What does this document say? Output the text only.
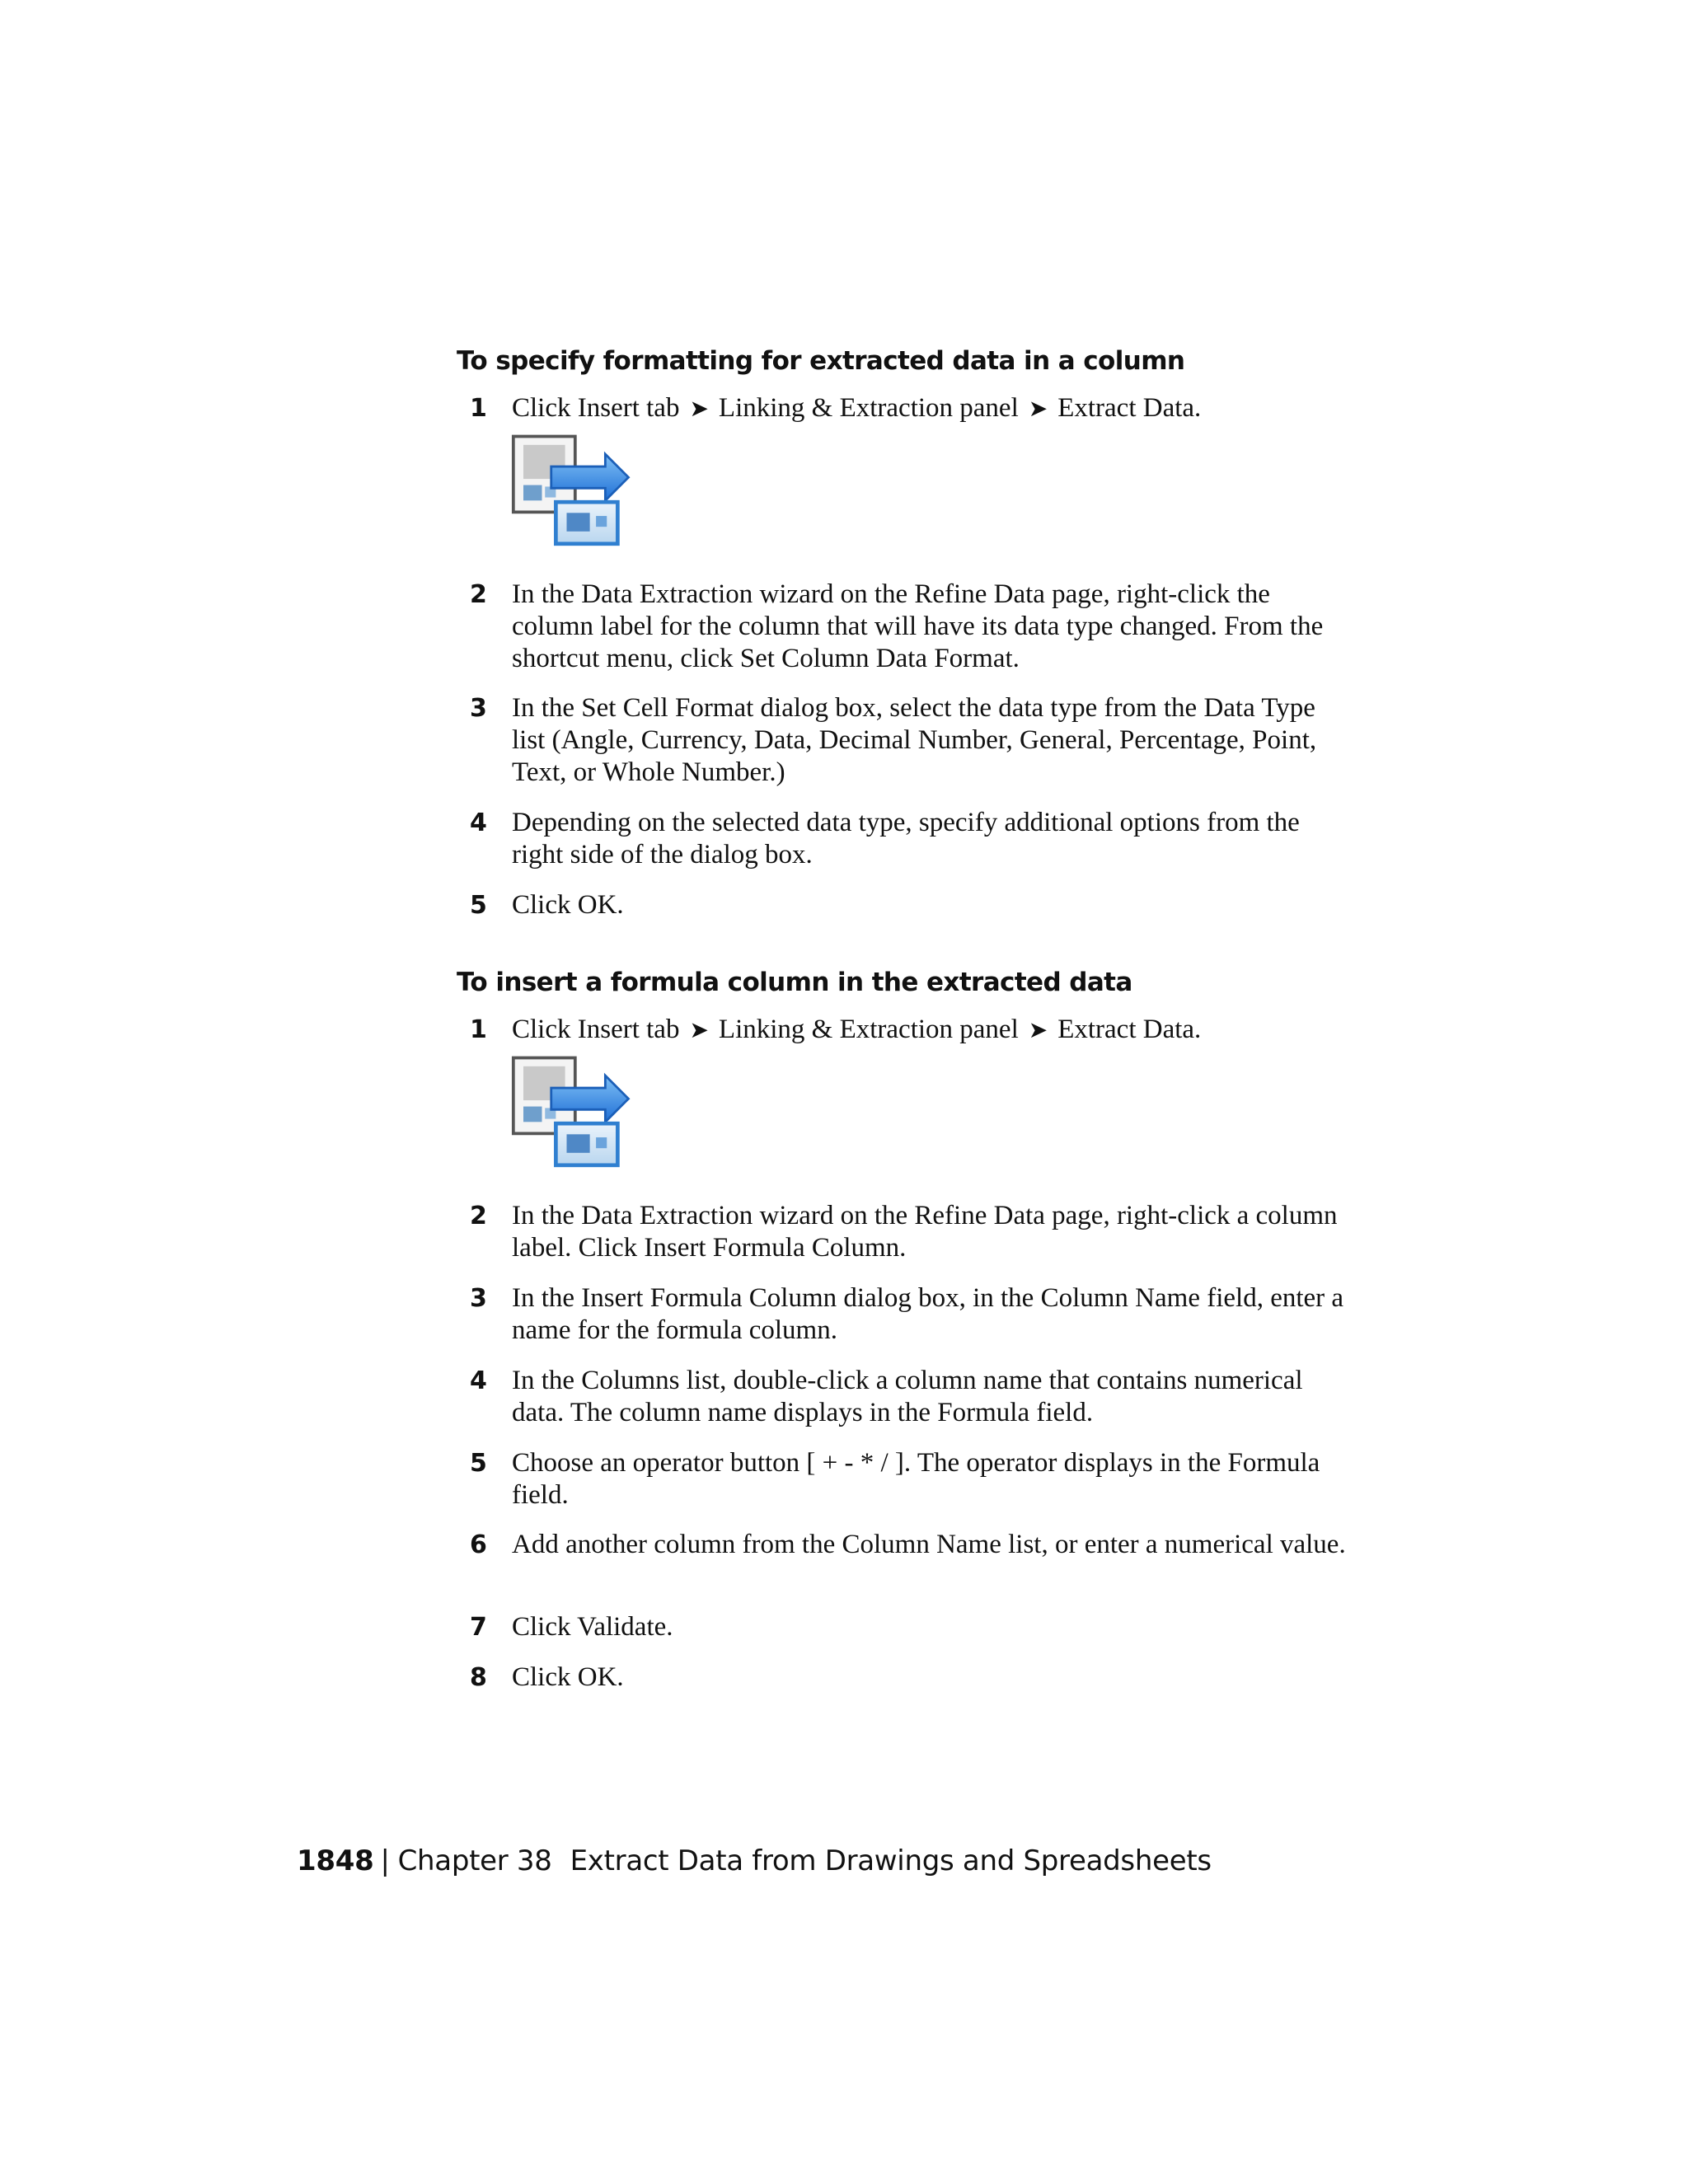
To specify formatting for extracted data in a column
1 Click Insert tab ➤ Linking & Extraction panel ➤ Extract Data.
2 In the Data Extraction wizard on the Refine Data page, right-click the column label for the column that will have its data type changed. From the shortcut menu, click Set Column Data Format.
3 In the Set Cell Format dialog box, select the data type from the Data Type list (Angle, Currency, Data, Decimal Number, General, Percentage, Point, Text, or Whole Number.)
4 Depending on the selected data type, specify additional options from the right side of the dialog box.
5 Click OK.
To insert a formula column in the extracted data
1 Click Insert tab ➤ Linking & Extraction panel ➤ Extract Data.
2 In the Data Extraction wizard on the Refine Data page, right-click a column label. Click Insert Formula Column.
3 In the Insert Formula Column dialog box, in the Column Name field, enter a name for the formula column.
4 In the Columns list, double-click a column name that contains numerical data. The column name displays in the Formula field.
5 Choose an operator button [ + - * / ]. The operator displays in the Formula field.
6 Add another column from the Column Name list, or enter a numerical value.
7 Click Validate.
8 Click OK.
1848 | Chapter 38 Extract Data from Drawings and Spreadsheets
